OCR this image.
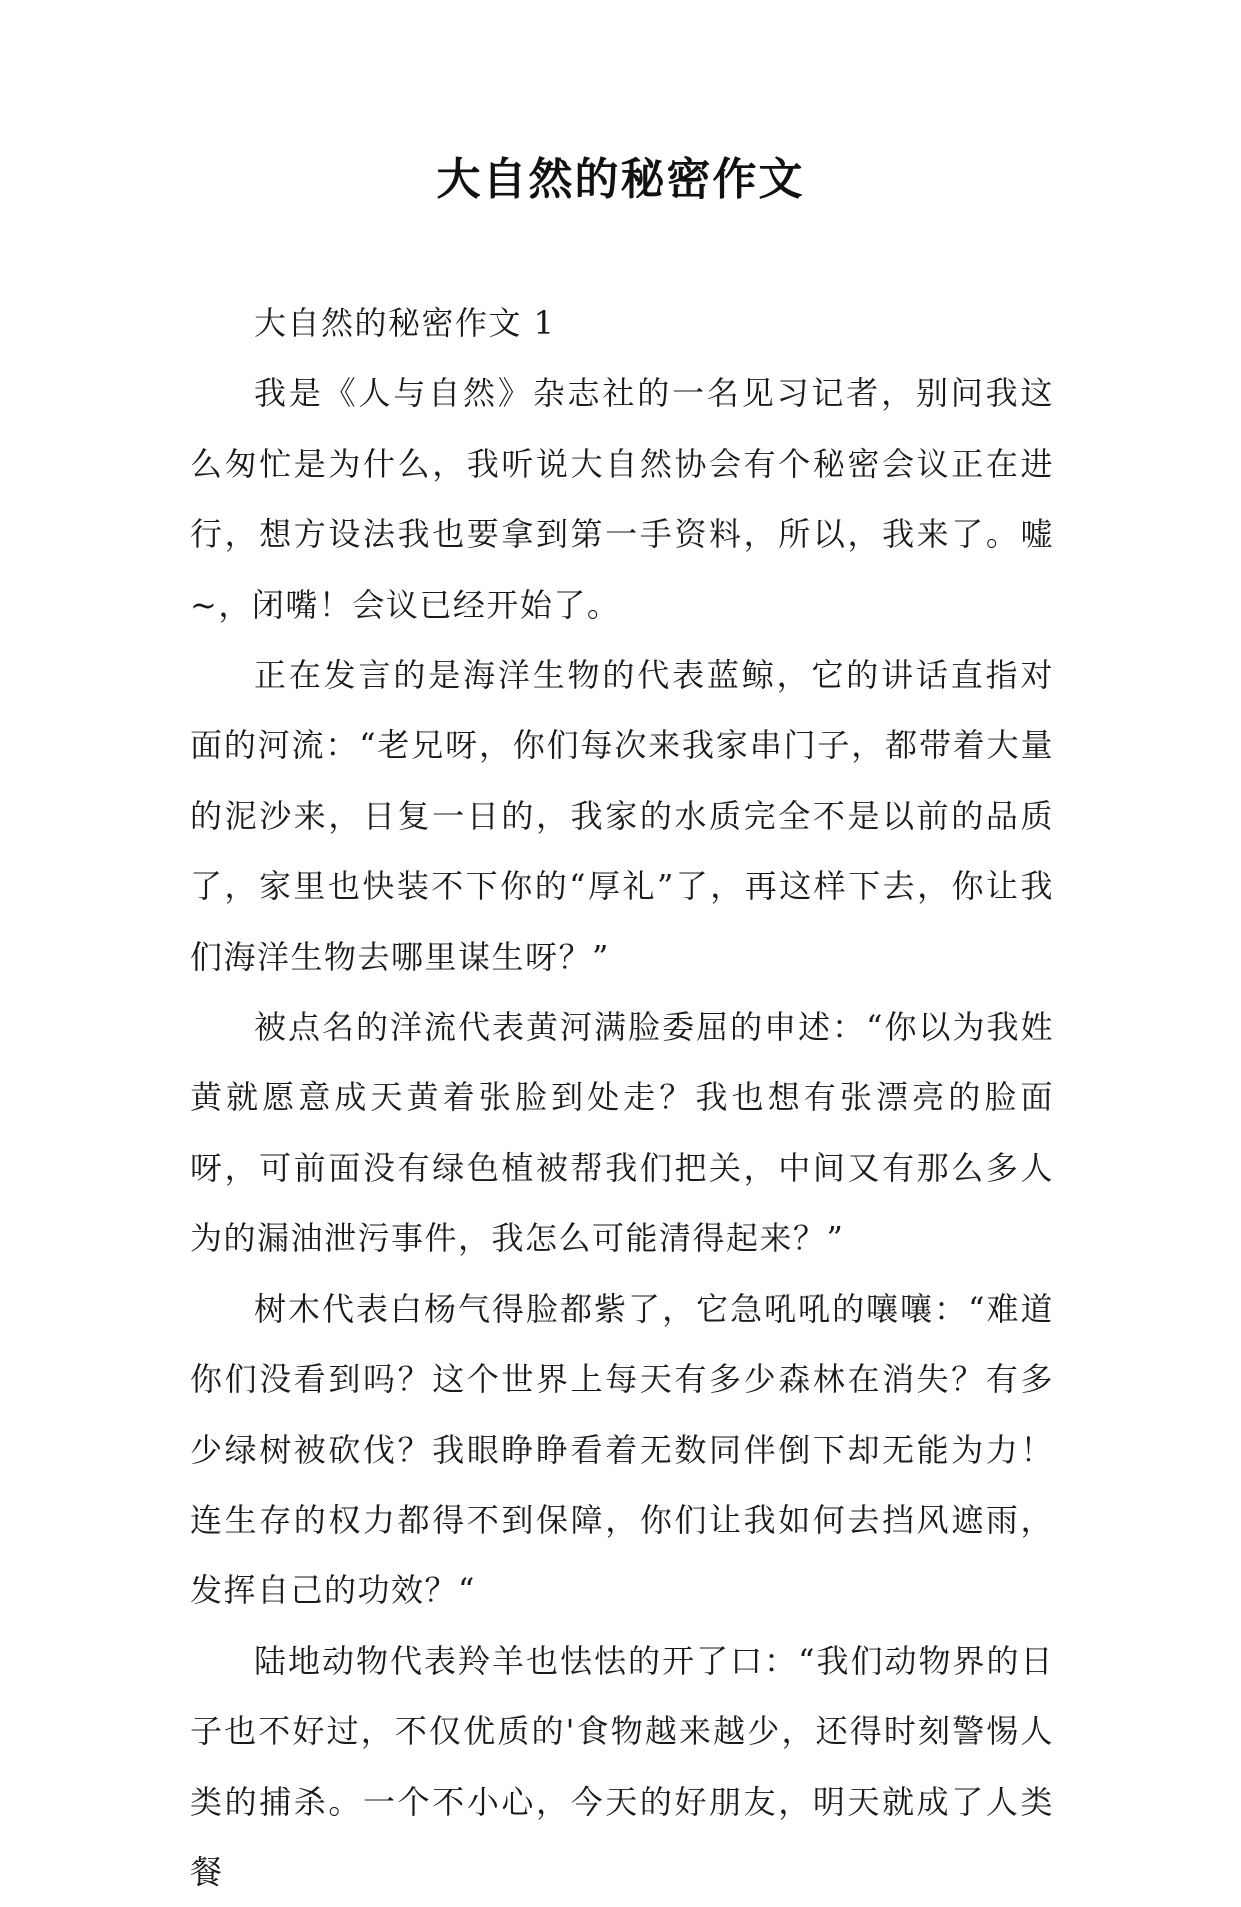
大自然的秘密作文

大自然的秘密作文 1

我是《人与自然》杂志社的一名见习记者，别问我这么匆忙是为什么，我听说大自然协会有个秘密会议正在进行，想方设法我也要拿到第一手资料，所以，我来了。嘘~，闭嘴！会议已经开始了。

正在发言的是海洋生物的代表蓝鲸，它的讲话直指对面的河流：“老兄呀，你们每次来我家串门子，都带着大量的泥沙来，日复一日的，我家的水质完全不是以前的品质了，家里也快装不下你的“厚礼”了，再这样下去，你让我们海洋生物去哪里谋生呀？”

被点名的洋流代表黄河满脸委屈的申述：“你以为我姓黄就愿意成天黄着张脸到处走？我也想有张漂亮的脸面呀，可前面没有绿色植被帮我们把关，中间又有那么多人为的漏油泄污事件，我怎么可能清得起来？”

树木代表白杨气得脸都紫了，它急吼吼的嚷嚷：“难道你们没看到吗？这个世界上每天有多少森林在消失？有多少绿树被砍伐？我眼睁睁看着无数同伴倒下却无能为力！连生存的权力都得不到保障，你们让我如何去挡风遮雨，发挥自己的功效？“

陆地动物代表羚羊也怯怯的开了口：“我们动物界的日子也不好过，不仅优质的'食物越来越少，还得时刻警惕人类的捕杀。一个不小心，今天的好朋友，明天就成了人类餐
